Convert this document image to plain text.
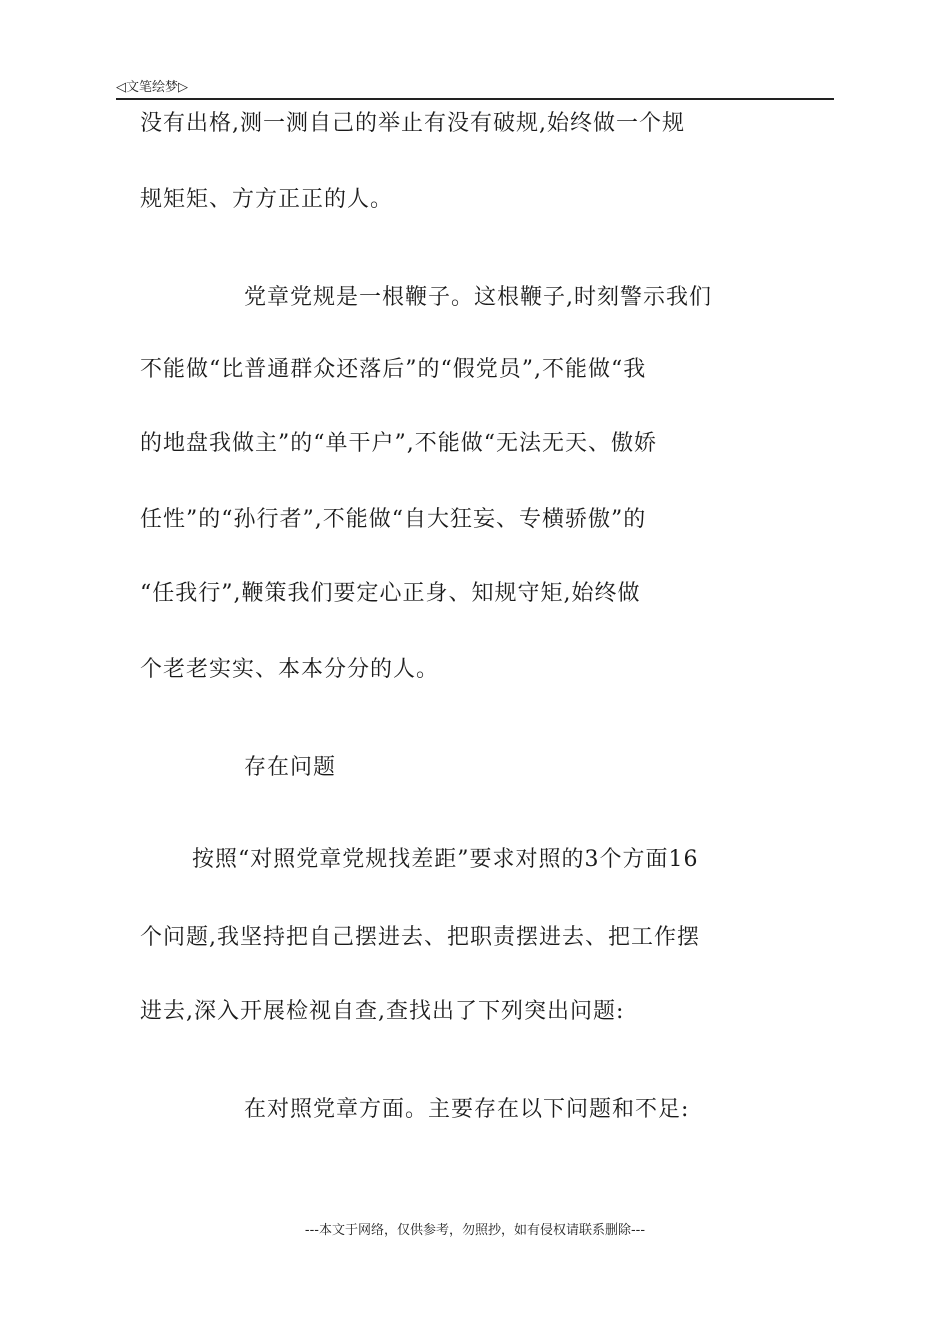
◁文笔绘梦▷
没有出格,测一测自己的举止有没有破规,始终做一个规
规矩矩、方方正正的人。
党章党规是一根鞭子。这根鞭子,时刻警示我们
不能做“比普通群众还落后”的“假党员”,不能做“我
的地盘我做主”的“单干户”,不能做“无法无天、傲娇
任性”的“孙行者”,不能做“自大狂妄、专横骄傲”的
“任我行”,鞭策我们要定心正身、知规守矩,始终做
个老老实实、本本分分的人。
存在问题
按照“对照党章党规找差距”要求对照的3个方面16
个问题,我坚持把自己摆进去、把职责摆进去、把工作摆
进去,深入开展检视自查,查找出了下列突出问题:
在对照党章方面。主要存在以下问题和不足:
---本文于网络，仅供参考，勿照抄，如有侵权请联系删除---
